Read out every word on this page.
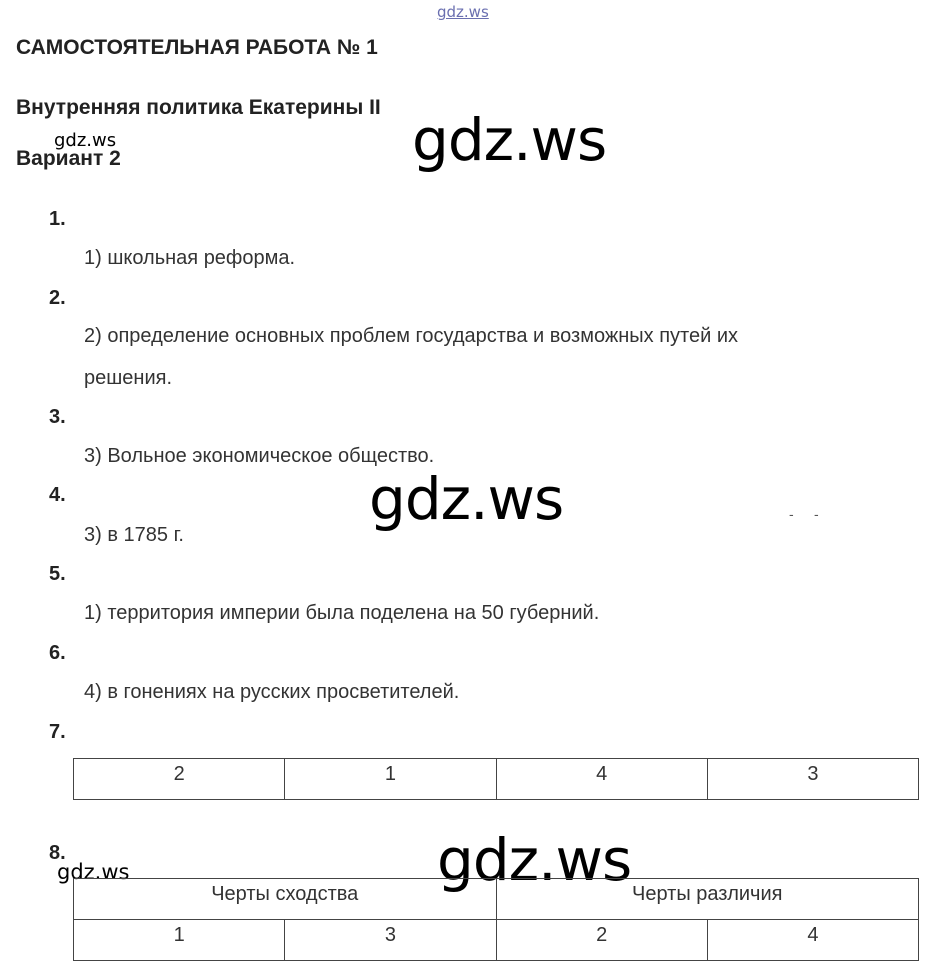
gdz.ws
САМОСТОЯТЕЛЬНАЯ РАБОТА № 1
Внутренняя политика Екатерины II
gdz.ws
Вариант 2	gdz.ws
1.
1) школьная реформа.
2.
2) определение основных проблем государства и возможных путей их
решения.
3.
3) Вольное экономическое общество.
4.	gdz.ws	- -
3) в 1785 г.
5.
1) территория империи была поделена на 50 губерний.
6.
4) в гонениях на русских просветителей.
7.
2	1	4	3
8.
gdz.ws	gdz.ws
Черты сходства		Черты различия	
1	3	2	4
